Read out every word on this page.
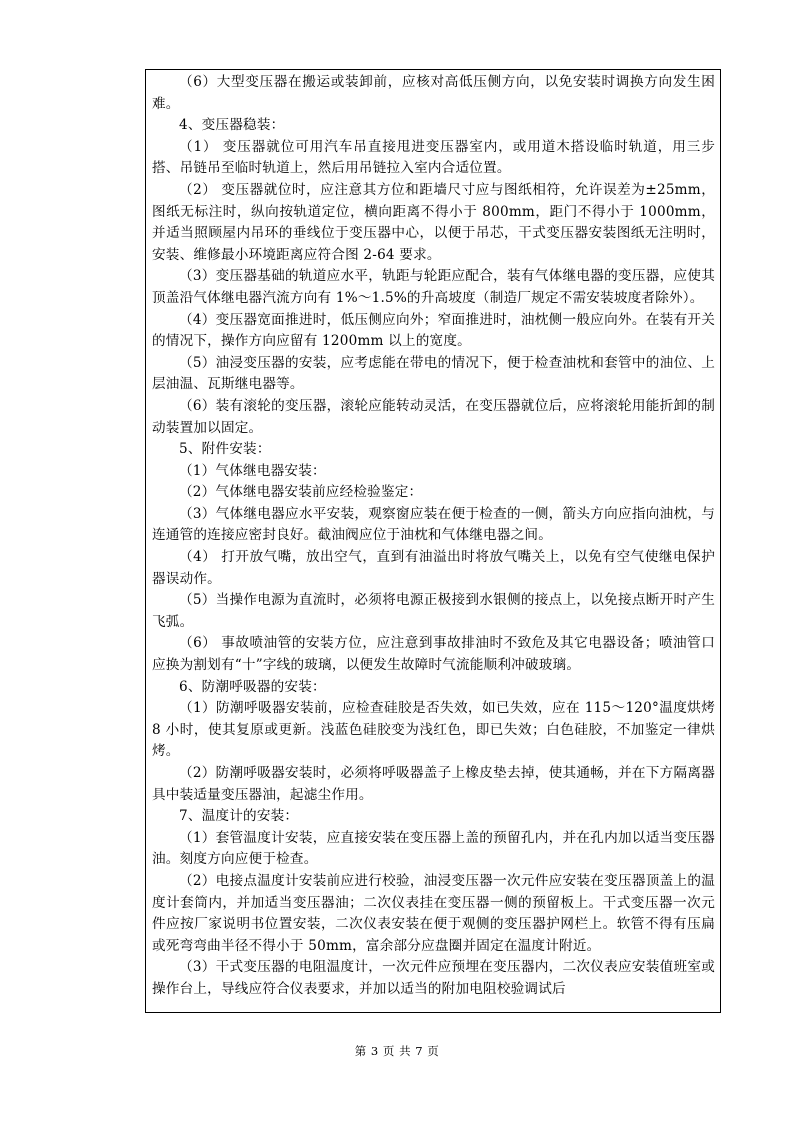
（6）大型变压器在搬运或装卸前，应核对高低压侧方向，以免安装时调换方向发生困难。

4、变压器稳装：

（1） 变压器就位可用汽车吊直接甩进变压器室内，或用道木搭设临时轨道，用三步搭、吊链吊至临时轨道上，然后用吊链拉入室内合适位置。

（2） 变压器就位时，应注意其方位和距墙尺寸应与图纸相符，允许误差为±25mm，图纸无标注时，纵向按轨道定位，横向距离不得小于 800mm，距门不得小于 1000mm，并适当照顾屋内吊环的垂线位于变压器中心，以便于吊芯，干式变压器安装图纸无注明时，安装、维修最小环境距离应符合图 2-64 要求。

（3）变压器基础的轨道应水平，轨距与轮距应配合，装有气体继电器的变压器，应使其顶盖沿气体继电器汽流方向有 1%～1.5%的升高坡度（制造厂规定不需安装坡度者除外）。

（4）变压器宽面推进时，低压侧应向外；窄面推进时，油枕侧一般应向外。在装有开关的情况下，操作方向应留有 1200mm 以上的宽度。

（5）油浸变压器的安装，应考虑能在带电的情况下，便于检查油枕和套管中的油位、上层油温、瓦斯继电器等。

（6）装有滚轮的变压器，滚轮应能转动灵活，在变压器就位后，应将滚轮用能折卸的制动装置加以固定。

5、附件安装：

（1）气体继电器安装：

（2）气体继电器安装前应经检验鉴定：

（3）气体继电器应水平安装，观察窗应装在便于检查的一侧，箭头方向应指向油枕，与连通管的连接应密封良好。截油阀应位于油枕和气体继电器之间。

（4） 打开放气嘴，放出空气，直到有油溢出时将放气嘴关上，以免有空气使继电保护器误动作。

（5）当操作电源为直流时，必须将电源正极接到水银侧的接点上，以免接点断开时产生飞弧。

（6） 事故喷油管的安装方位，应注意到事故排油时不致危及其它电器设备；喷油管口应换为割划有“十”字线的玻璃，以便发生故障时气流能顺利冲破玻璃。

6、防潮呼吸器的安装：

（1）防潮呼吸器安装前，应检查硅胶是否失效，如已失效，应在 115～120°温度烘烤 8 小时，使其复原或更新。浅蓝色硅胶变为浅红色，即已失效；白色硅胶，不加鉴定一律烘烤。

（2）防潮呼吸器安装时，必须将呼吸器盖子上橡皮垫去掉，使其通畅，并在下方隔离器具中装适量变压器油，起滤尘作用。

7、温度计的安装：

（1）套管温度计安装，应直接安装在变压器上盖的预留孔内，并在孔内加以适当变压器油。刻度方向应便于检查。

（2）电接点温度计安装前应进行校验，油浸变压器一次元件应安装在变压器顶盖上的温度计套筒内，并加适当变压器油；二次仪表挂在变压器一侧的预留板上。干式变压器一次元件应按厂家说明书位置安装，二次仪表安装在便于观侧的变压器护网栏上。软管不得有压扁或死弯弯曲半径不得小于 50mm，富余部分应盘圈并固定在温度计附近。

（3）干式变压器的电阻温度计，一次元件应预埋在变压器内，二次仪表应安装值班室或操作台上，导线应符合仪表要求，并加以适当的附加电阻校验调试后

第 3 页 共 7 页
